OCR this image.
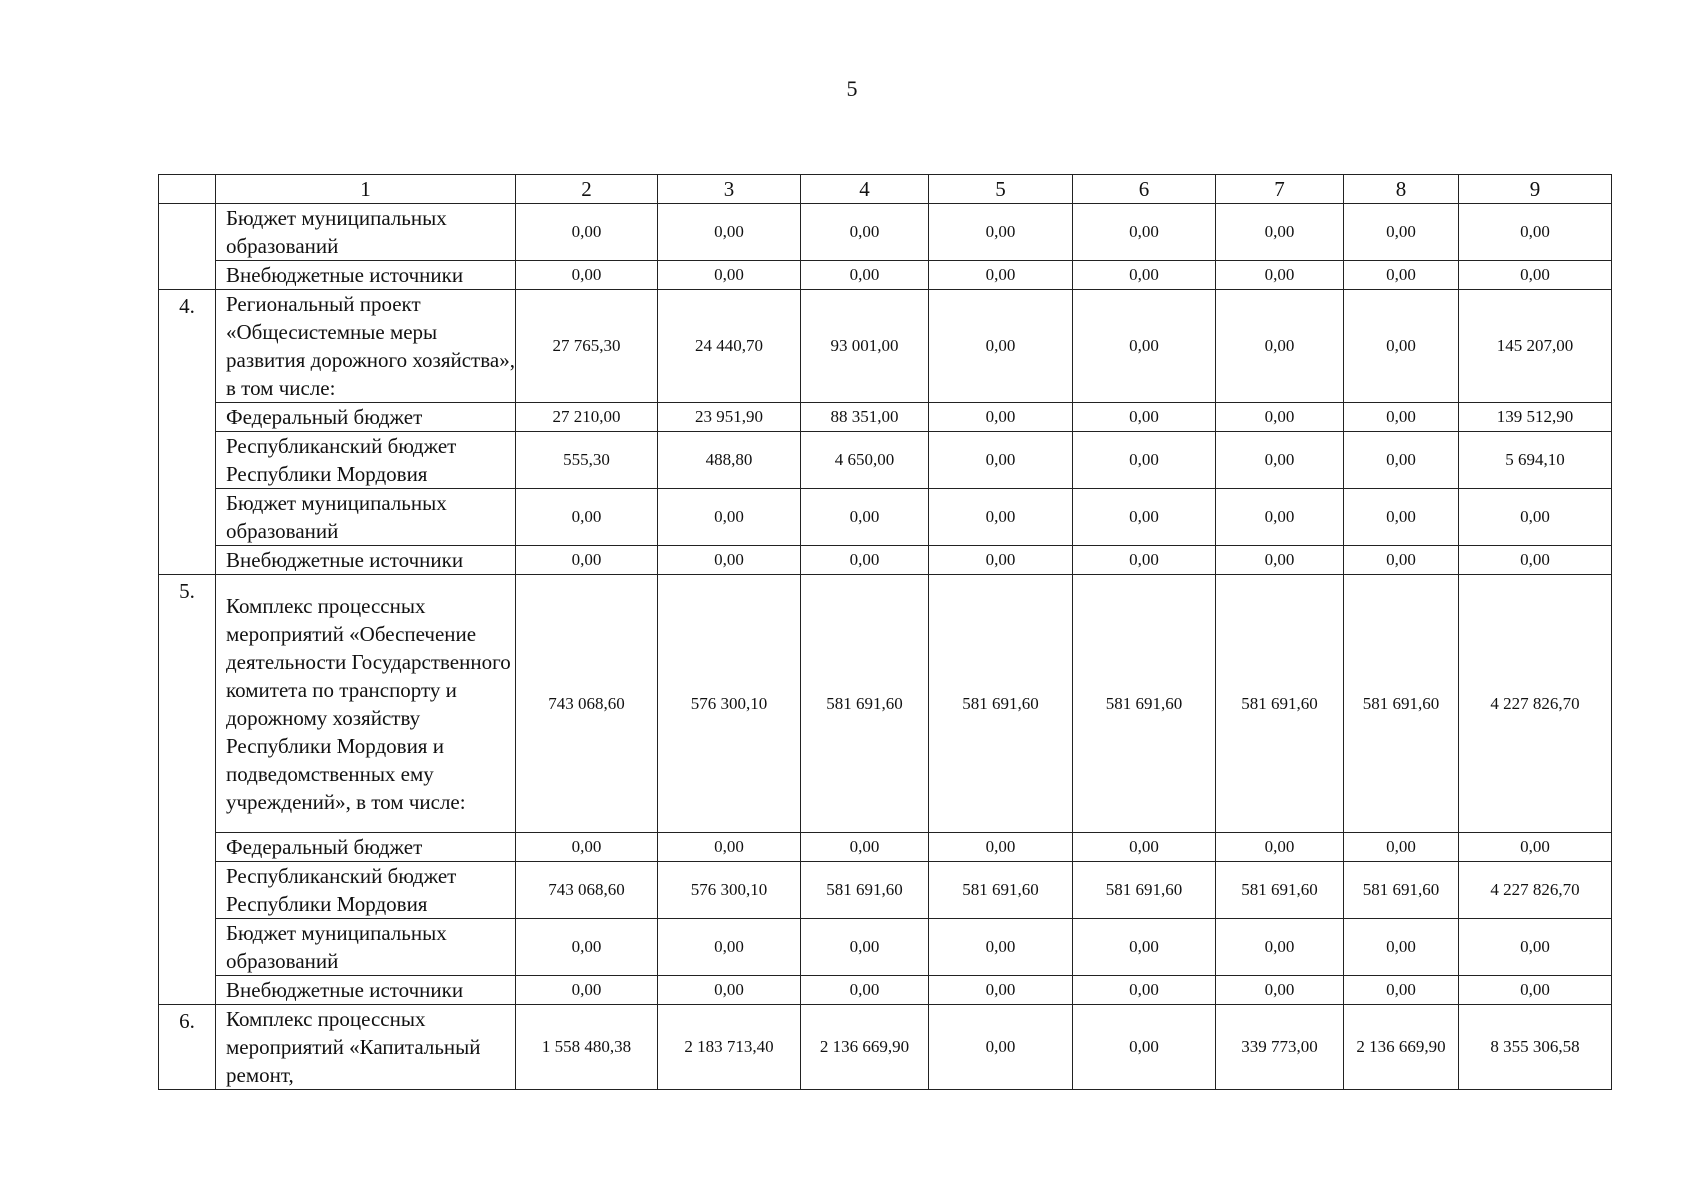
5
	1	2	3	4	5	6	7	8	9
	Бюджет муниципальных образований	0,00	0,00	0,00	0,00	0,00	0,00	0,00	0,00
	Внебюджетные источники	0,00	0,00	0,00	0,00	0,00	0,00	0,00	0,00
4.	Региональный проект «Общесистемные меры развития дорожного хозяйства», в том числе:	27 765,30	24 440,70	93 001,00	0,00	0,00	0,00	0,00	145 207,00
	Федеральный бюджет	27 210,00	23 951,90	88 351,00	0,00	0,00	0,00	0,00	139 512,90
	Республиканский бюджет Республики Мордовия	555,30	488,80	4 650,00	0,00	0,00	0,00	0,00	5 694,10
	Бюджет муниципальных образований	0,00	0,00	0,00	0,00	0,00	0,00	0,00	0,00
	Внебюджетные источники	0,00	0,00	0,00	0,00	0,00	0,00	0,00	0,00
5.	Комплекс процессных мероприятий «Обеспечение деятельности Государственного комитета по транспорту и дорожному хозяйству Республики Мордовия и подведомственных ему учреждений», в том числе:	743 068,60	576 300,10	581 691,60	581 691,60	581 691,60	581 691,60	581 691,60	4 227 826,70
	Федеральный бюджет	0,00	0,00	0,00	0,00	0,00	0,00	0,00	0,00
	Республиканский бюджет Республики Мордовия	743 068,60	576 300,10	581 691,60	581 691,60	581 691,60	581 691,60	581 691,60	4 227 826,70
	Бюджет муниципальных образований	0,00	0,00	0,00	0,00	0,00	0,00	0,00	0,00
	Внебюджетные источники	0,00	0,00	0,00	0,00	0,00	0,00	0,00	0,00
6.	Комплекс процессных мероприятий «Капитальный ремонт,	1 558 480,38	2 183 713,40	2 136 669,90	0,00	0,00	339 773,00	2 136 669,90	8 355 306,58
